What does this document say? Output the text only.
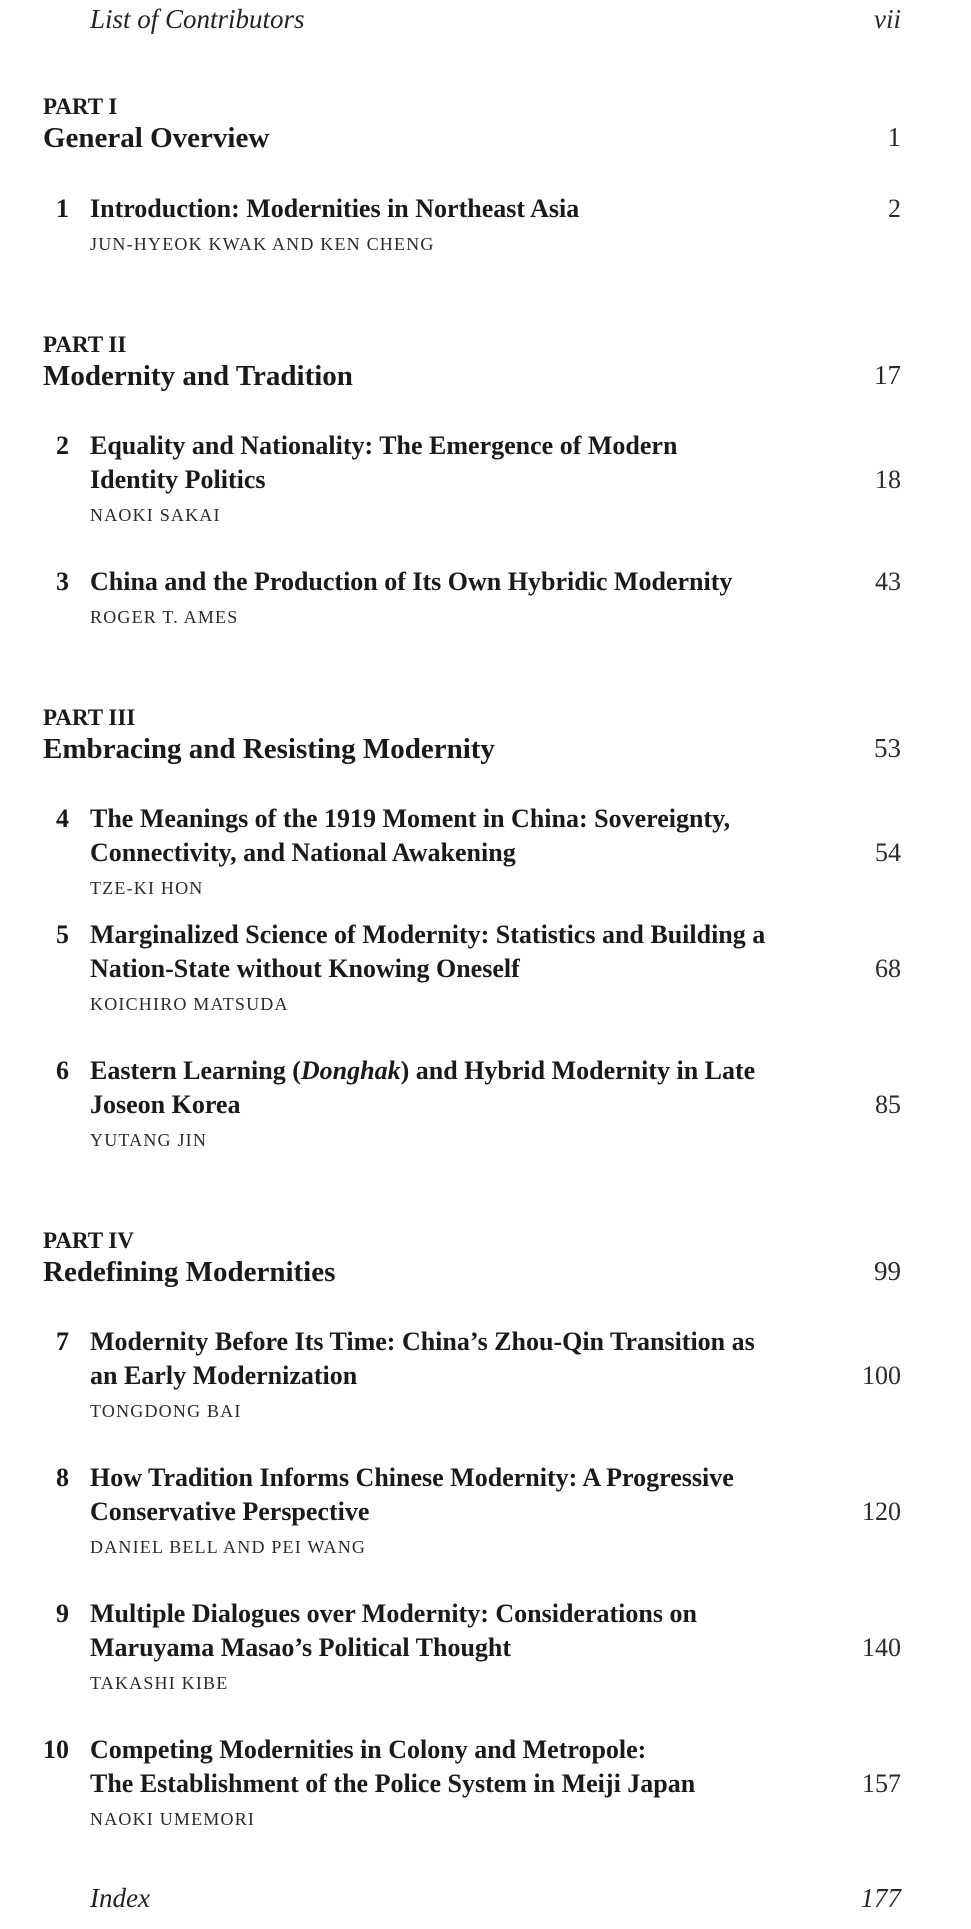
List of Contributors	vii
PART I
General Overview	1
1 Introduction: Modernities in Northeast Asia	2
JUN-HYEOK KWAK AND KEN CHENG
PART II
Modernity and Tradition	17
2 Equality and Nationality: The Emergence of Modern
Identity Politics	18
NAOKI SAKAI
3 China and the Production of Its Own Hybridic Modernity	43
ROGER T. AMES
PART III
Embracing and Resisting Modernity	53
4 The Meanings of the 1919 Moment in China: Sovereignty,
Connectivity, and National Awakening	54
TZE-KI HON
5 Marginalized Science of Modernity: Statistics and Building a
Nation-State without Knowing Oneself	68
KOICHIRO MATSUDA
6 Eastern Learning (Donghak) and Hybrid Modernity in Late
Joseon Korea	85
YUTANG JIN
PART IV
Redefining Modernities	99
7 Modernity Before Its Time: China’s Zhou-Qin Transition as
an Early Modernization	100
TONGDONG BAI
8 How Tradition Informs Chinese Modernity: A Progressive
Conservative Perspective	120
DANIEL BELL AND PEI WANG
9 Multiple Dialogues over Modernity: Considerations on
Maruyama Masao’s Political Thought	140
TAKASHI KIBE
10 Competing Modernities in Colony and Metropole:
The Establishment of the Police System in Meiji Japan	157
NAOKI UMEMORI
Index	177
